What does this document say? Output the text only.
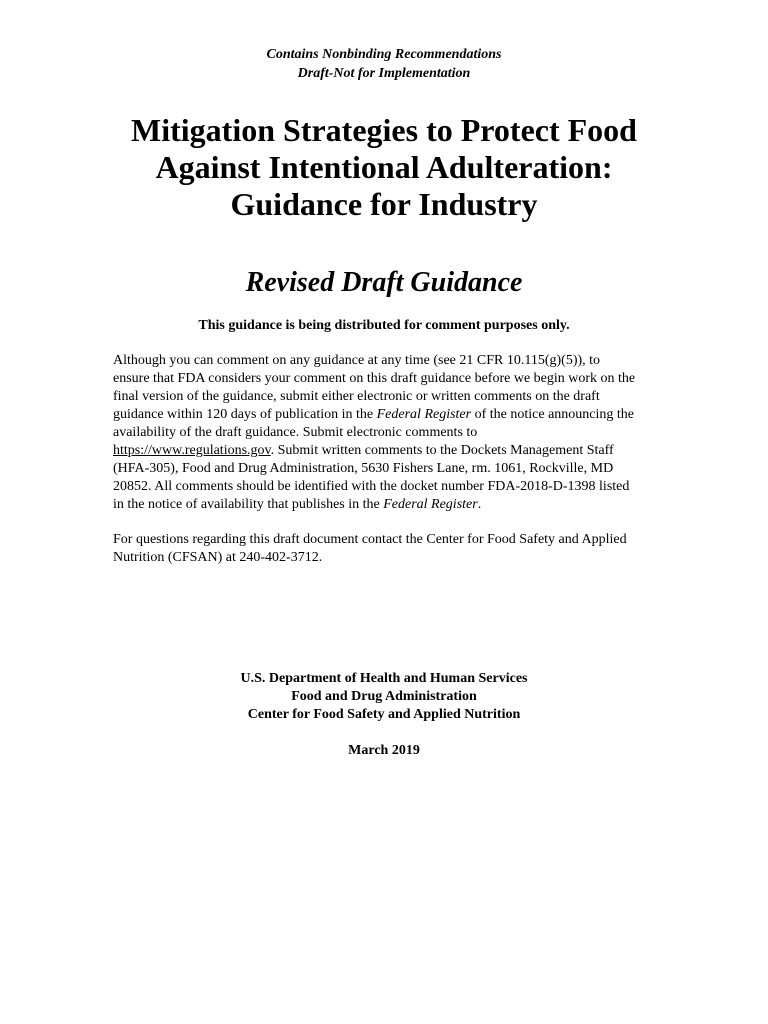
Contains Nonbinding Recommendations
Draft-Not for Implementation
Mitigation Strategies to Protect Food
Against Intentional Adulteration:
Guidance for Industry
Revised Draft Guidance
This guidance is being distributed for comment purposes only.
Although you can comment on any guidance at any time (see 21 CFR 10.115(g)(5)), to
ensure that FDA considers your comment on this draft guidance before we begin work on the
final version of the guidance, submit either electronic or written comments on the draft
guidance within 120 days of publication in the Federal Register of the notice announcing the
availability of the draft guidance. Submit electronic comments to
https://www.regulations.gov. Submit written comments to the Dockets Management Staff
(HFA-305), Food and Drug Administration, 5630 Fishers Lane, rm. 1061, Rockville, MD
20852. All comments should be identified with the docket number FDA-2018-D-1398 listed
in the notice of availability that publishes in the Federal Register.
For questions regarding this draft document contact the Center for Food Safety and Applied
Nutrition (CFSAN) at 240-402-3712.
U.S. Department of Health and Human Services
Food and Drug Administration
Center for Food Safety and Applied Nutrition
March 2019
